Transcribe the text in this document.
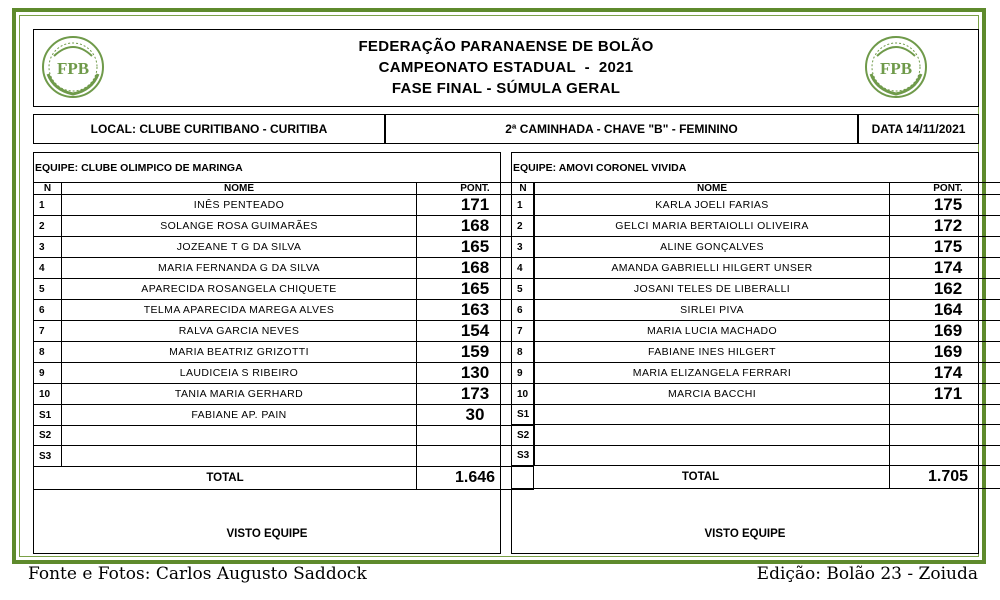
FEDERAÇÃO PARANAENSE DE BOLÃO
CAMPEONATO ESTADUAL  -  2021
FASE FINAL - SÚMULA GERAL
FPB	FPB
LOCAL: CLUBE CURITIBANO - CURITIBA	2ª CAMINHADA - CHAVE "B" - FEMININO	DATA 14/11/2021
EQUIPE: CLUBE OLIMPICO DE MARINGA
N	NOME	PONT.
1	INÊS PENTEADO	171
2	SOLANGE ROSA GUIMARÃES	168
3	JOZEANE T G DA SILVA	165
4	MARIA FERNANDA G DA SILVA	168
5	APARECIDA ROSANGELA CHIQUETE	165
6	TELMA APARECIDA MAREGA ALVES	163
7	RALVA GARCIA NEVES	154
8	MARIA BEATRIZ GRIZOTTI	159
9	LAUDICEIA S RIBEIRO	130
10	TANIA MARIA GERHARD	173
S1	FABIANE AP. PAIN	30
S2		
S3		
TOTAL		1.646
VISTO EQUIPE
EQUIPE: AMOVI CORONEL VIVIDA
N	NOME	PONT.
1	KARLA JOELI FARIAS	175
2	GELCI MARIA BERTAIOLLI OLIVEIRA	172
3	ALINE GONÇALVES	175
4	AMANDA GABRIELLI HILGERT UNSER	174
5	JOSANI TELES DE LIBERALLI	162
6	SIRLEI PIVA	164
7	MARIA LUCIA MACHADO	169
8	FABIANE INES HILGERT	169
9	MARIA ELIZANGELA FERRARI	174
10	MARCIA BACCHI	171
S1		
S2		
S3		
TOTAL		1.705
VISTO EQUIPE
Fonte e Fotos: Carlos Augusto Saddock	Edição: Bolão 23 - Zoiuda
